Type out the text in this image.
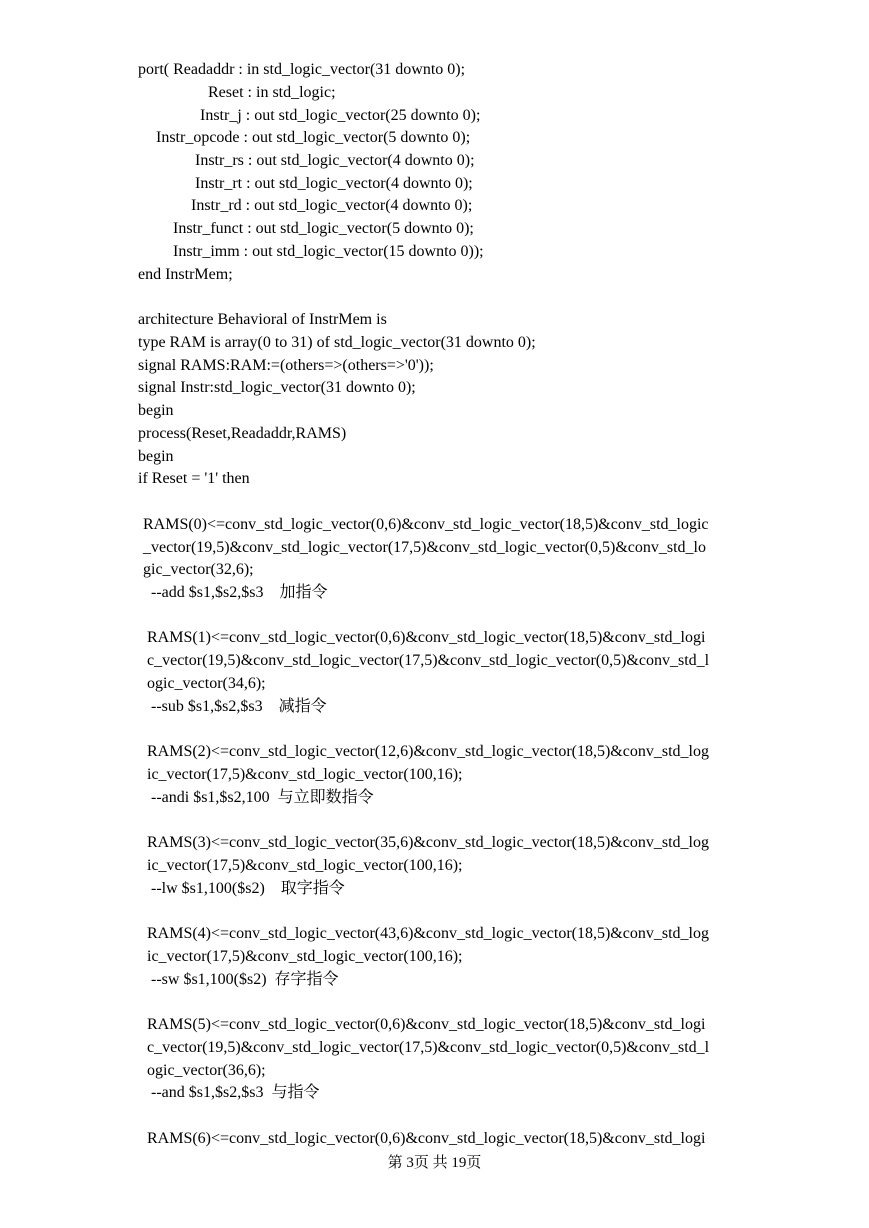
port( Readaddr : in std_logic_vector(31 downto 0);
Reset : in std_logic;
Instr_j : out std_logic_vector(25 downto 0);
Instr_opcode : out std_logic_vector(5 downto 0);
Instr_rs : out std_logic_vector(4 downto 0);
Instr_rt : out std_logic_vector(4 downto 0);
Instr_rd : out std_logic_vector(4 downto 0);
Instr_funct : out std_logic_vector(5 downto 0);
Instr_imm : out std_logic_vector(15 downto 0));
end InstrMem;
architecture Behavioral of InstrMem is
type RAM is array(0 to 31) of std_logic_vector(31 downto 0);
signal RAMS:RAM:=(others=>(others=>'0'));
signal Instr:std_logic_vector(31 downto 0);
begin
process(Reset,Readaddr,RAMS)
begin
if Reset = '1' then
RAMS(0)<=conv_std_logic_vector(0,6)&conv_std_logic_vector(18,5)&conv_std_logic
_vector(19,5)&conv_std_logic_vector(17,5)&conv_std_logic_vector(0,5)&conv_std_lo
gic_vector(32,6);
--add $s1,$s2,$s3    加指令
RAMS(1)<=conv_std_logic_vector(0,6)&conv_std_logic_vector(18,5)&conv_std_logi
c_vector(19,5)&conv_std_logic_vector(17,5)&conv_std_logic_vector(0,5)&conv_std_l
ogic_vector(34,6);
--sub $s1,$s2,$s3    减指令
RAMS(2)<=conv_std_logic_vector(12,6)&conv_std_logic_vector(18,5)&conv_std_log
ic_vector(17,5)&conv_std_logic_vector(100,16);
--andi $s1,$s2,100  与立即数指令
RAMS(3)<=conv_std_logic_vector(35,6)&conv_std_logic_vector(18,5)&conv_std_log
ic_vector(17,5)&conv_std_logic_vector(100,16);
--lw $s1,100($s2)    取字指令
RAMS(4)<=conv_std_logic_vector(43,6)&conv_std_logic_vector(18,5)&conv_std_log
ic_vector(17,5)&conv_std_logic_vector(100,16);
--sw $s1,100($s2)  存字指令
RAMS(5)<=conv_std_logic_vector(0,6)&conv_std_logic_vector(18,5)&conv_std_logi
c_vector(19,5)&conv_std_logic_vector(17,5)&conv_std_logic_vector(0,5)&conv_std_l
ogic_vector(36,6);
--and $s1,$s2,$s3  与指令
RAMS(6)<=conv_std_logic_vector(0,6)&conv_std_logic_vector(18,5)&conv_std_logi
第 3页 共 19页
